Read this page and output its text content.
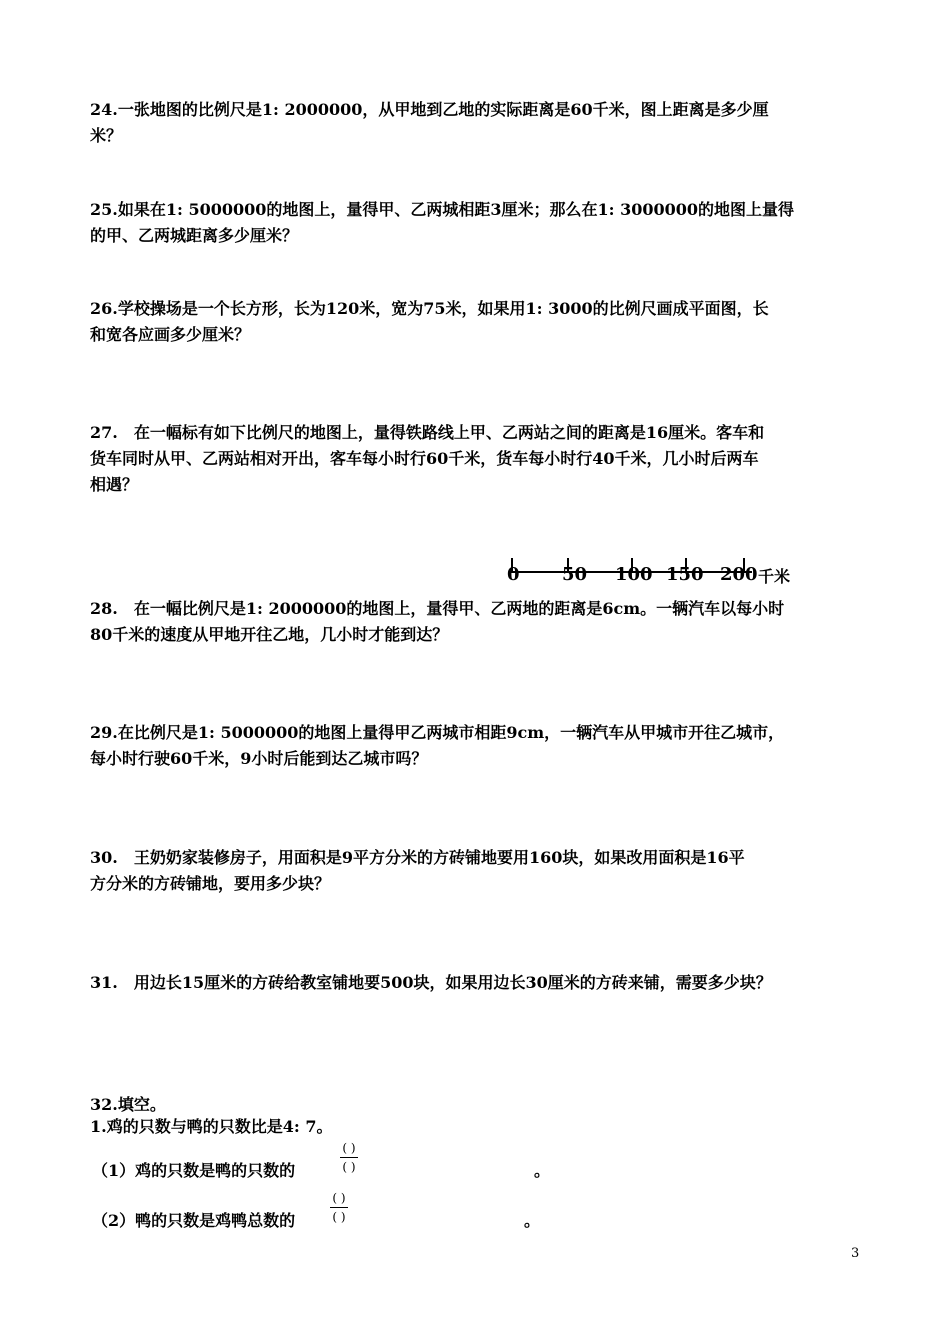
24.一张地图的比例尺是1: 2000000，从甲地到乙地的实际距离是60千米，图上距离是多少厘

米？

25.如果在1: 5000000的地图上，量得甲、乙两城相距3厘米；那么在1: 3000000的地图上量得

的甲、乙两城距离多少厘米？

26.学校操场是一个长方形，长为120米，宽为75米，如果用1: 3000的比例尺画成平面图，长

和宽各应画多少厘米？

27.　在一幅标有如下比例尺的地图上，量得铁路线上甲、乙两站之间的距离是16厘米。客车和

货车同时从甲、乙两站相对开出，客车每小时行60千米，货车每小时行40千米，几小时后两车

相遇？

0 50 100 150 200 千米

28.　在一幅比例尺是1: 2000000的地图上，量得甲、乙两地的距离是6cm。一辆汽车以每小时

80千米的速度从甲地开往乙地，几小时才能到达？

29.在比例尺是1: 5000000的地图上量得甲乙两城市相距9cm，一辆汽车从甲城市开往乙城市，

每小时行驶60千米，9小时后能到达乙城市吗？

30.　王奶奶家装修房子，用面积是9平方分米的方砖铺地要用160块，如果改用面积是16平

方分米的方砖铺地，要用多少块？

31.　用边长15厘米的方砖给教室铺地要500块，如果用边长30厘米的方砖来铺，需要多少块？

32.填空。
1.鸡的只数与鸭的只数比是4: 7。
（1）鸡的只数是鸭的只数的
( )
( )	。
（2）鸭的只数是鸡鸭总数的
( )
( )	。
3
